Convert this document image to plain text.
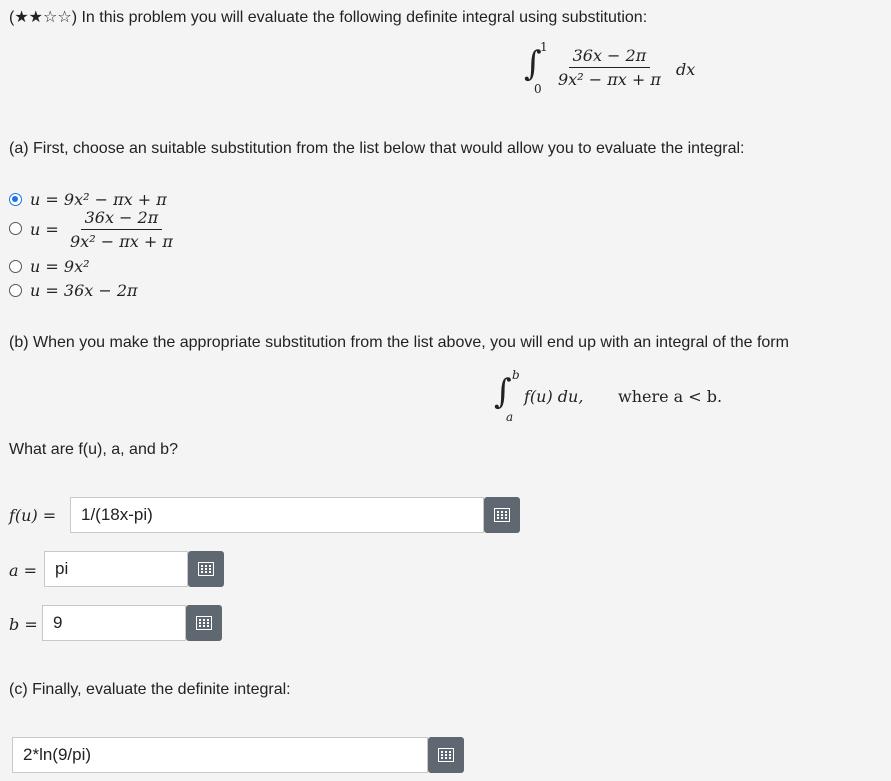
(★★☆☆) In this problem you will evaluate the following definite integral using substitution:
∫
1
$0 \frac{36x - 2\pi}{\text{9x² − πx + π}}$ dx
(a) First, choose an suitable substitution from the list below that would allow you to evaluate the integral:
u = 9x² − πx + π
$u = \frac{36x - 2\pi}{\text{9x² − πx + π}}$
u = 9x²
u = 36x − 2π
(b) When you make the appropriate substitution from the list above, you will end up with an integral of the form
∫ b
a
f(u) du, where a < b.
What are f(u), a, and b?
f(u) =
1/(18x-pi)
a =
pi
b =
9
(c) Finally, evaluate the definite integral:
2*ln(9/pi)
